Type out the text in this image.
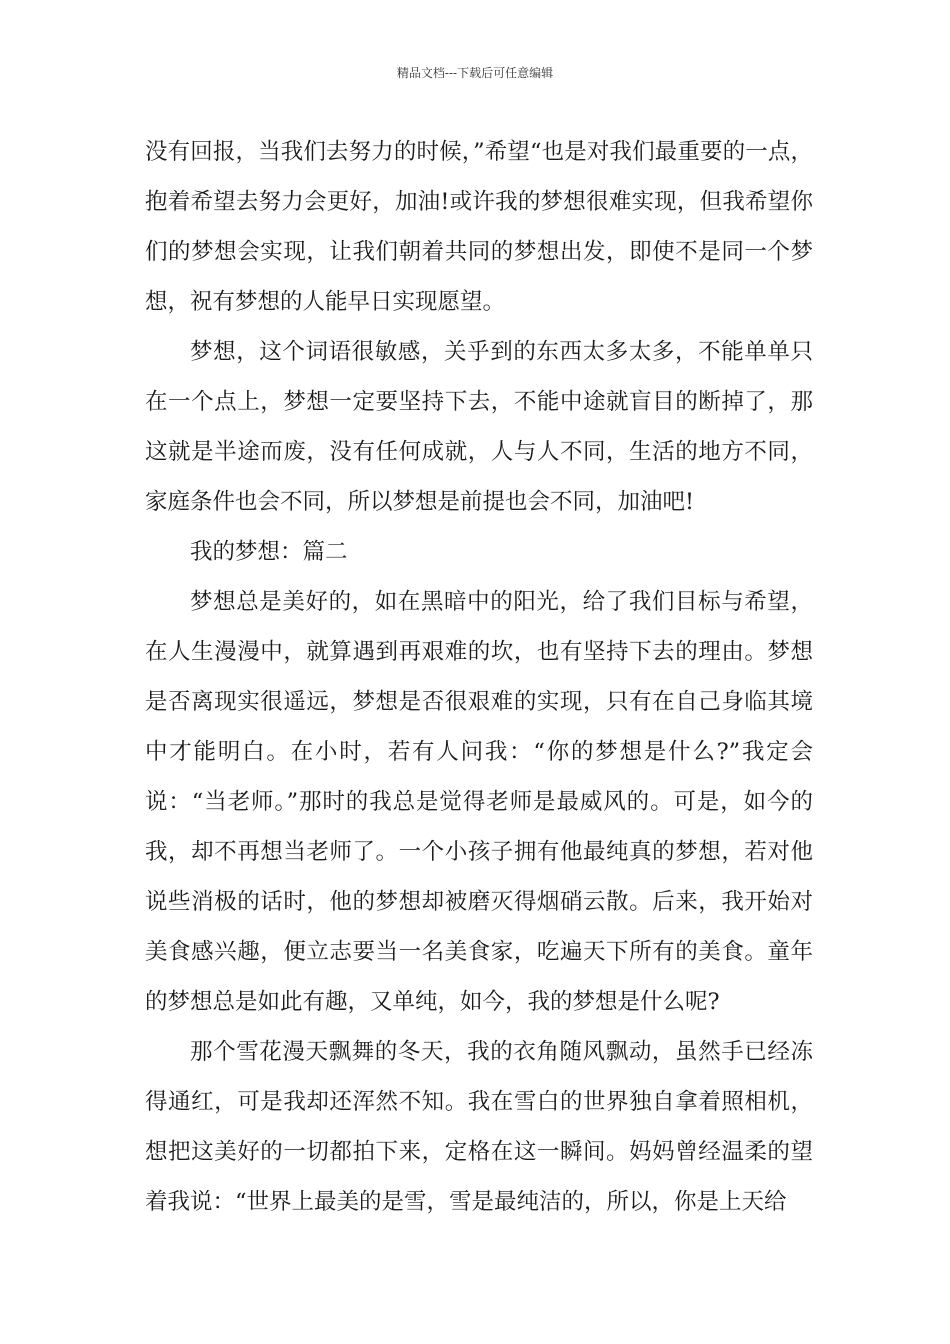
精品文档---下载后可任意编辑

没有回报，当我们去努力的时候，”希望“也是对我们最重要的一点，抱着希望去努力会更好，加油!或许我的梦想很难实现，但我希望你们的梦想会实现，让我们朝着共同的梦想出发，即使不是同一个梦想，祝有梦想的人能早日实现愿望。

梦想，这个词语很敏感，关乎到的东西太多太多，不能单单只在一个点上，梦想一定要坚持下去，不能中途就盲目的断掉了，那这就是半途而废，没有任何成就，人与人不同，生活的地方不同，家庭条件也会不同，所以梦想是前提也会不同，加油吧!

我的梦想：篇二

梦想总是美好的，如在黑暗中的阳光，给了我们目标与希望，在人生漫漫中，就算遇到再艰难的坎，也有坚持下去的理由。梦想是否离现实很遥远，梦想是否很艰难的实现，只有在自己身临其境中才能明白。在小时，若有人问我：“你的梦想是什么?”我定会说：“当老师。”那时的我总是觉得老师是最威风的。可是，如今的我，却不再想当老师了。一个小孩子拥有他最纯真的梦想，若对他说些消极的话时，他的梦想却被磨灭得烟硝云散。后来，我开始对美食感兴趣，便立志要当一名美食家，吃遍天下所有的美食。童年的梦想总是如此有趣，又单纯，如今，我的梦想是什么呢?

那个雪花漫天飘舞的冬天，我的衣角随风飘动，虽然手已经冻得通红，可是我却还浑然不知。我在雪白的世界独自拿着照相机，想把这美好的一切都拍下来，定格在这一瞬间。妈妈曾经温柔的望着我说：“世界上最美的是雪，雪是最纯洁的，所以，你是上天给
